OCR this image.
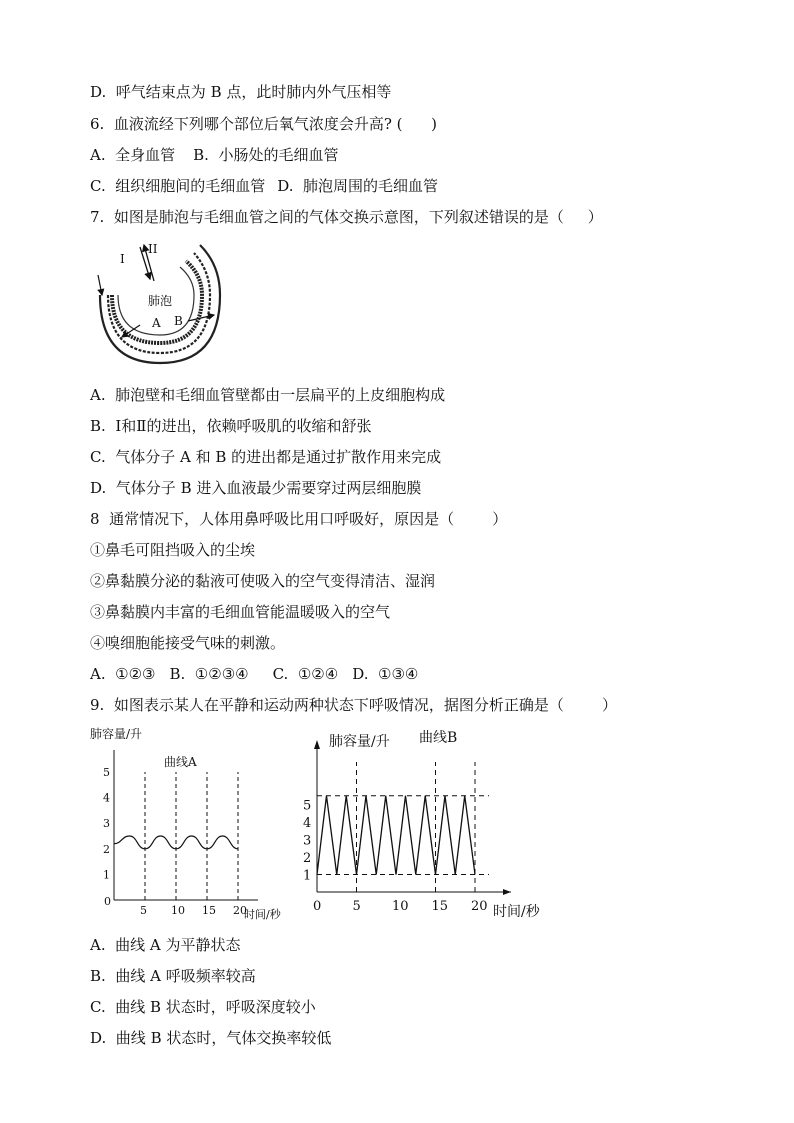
D.  呼气结束点为 B 点，此时肺内外气压相等
6.  血液流经下列哪个部位后氧气浓度会升高? (      )
A.  全身血管 B.  小肠处的毛细血管
C.  组织细胞间的毛细血管 D.  肺泡周围的毛细血管
7.  如图是肺泡与毛细血管之间的气体交换示意图，下列叙述错误的是（     ）
I
II
肺泡
A B
A.  肺泡壁和毛细血管壁都由一层扁平的上皮细胞构成
B.  Ⅰ和Ⅱ的进出，依赖呼吸肌的收缩和舒张
C.  气体分子 A 和 B 的进出都是通过扩散作用来完成
D.  气体分子 B 进入血液最少需要穿过两层细胞膜
8  通常情况下，人体用鼻呼吸比用口呼吸好，原因是（        ）
①鼻毛可阻挡吸入的尘埃
②鼻黏膜分泌的黏液可使吸入的空气变得清洁、湿润
③鼻黏膜内丰富的毛细血管能温暖吸入的空气
④嗅细胞能接受气味的刺激。
A.  ①②③ B.  ①②③④ C.  ①②④ D.  ①③④
9.  如图表示某人在平静和运动两种状态下呼吸情况，据图分析正确是（        ）
肺容量/升
曲线A
时间/秒
0
1
2
3
4
5
5 10 15 20
肺容量/升 曲线B
时间/秒
1
2
3
4
5
0 5 10 15 20
A.  曲线 A 为平静状态
B.  曲线 A 呼吸频率较高
C.  曲线 B 状态时，呼吸深度较小
D.  曲线 B 状态时，气体交换率较低
